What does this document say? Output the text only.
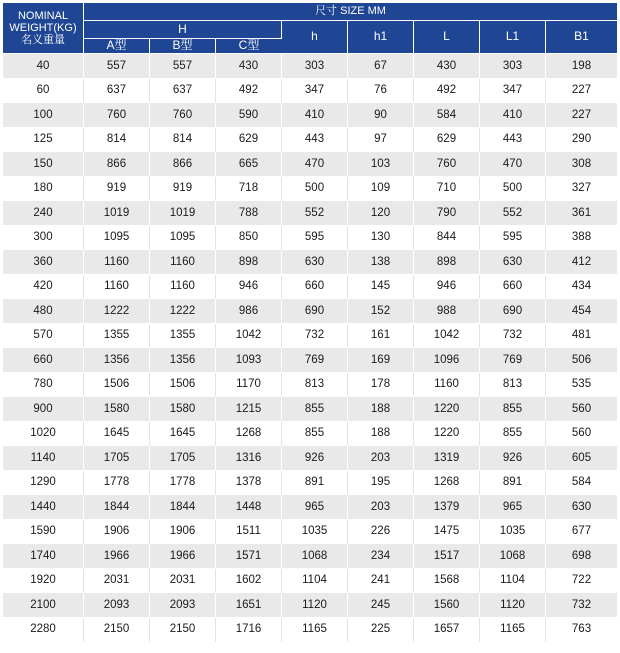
NOMINAL
WEIGHT(KG)
名义重量	尺寸 SIZE MM							
	H			h	h1	L	L1	B1
	A型	B型	C型					
40	557	557	430	303	67	430	303	198
60	637	637	492	347	76	492	347	227
100	760	760	590	410	90	584	410	227
125	814	814	629	443	97	629	443	290
150	866	866	665	470	103	760	470	308
180	919	919	718	500	109	710	500	327
240	1019	1019	788	552	120	790	552	361
300	1095	1095	850	595	130	844	595	388
360	1160	1160	898	630	138	898	630	412
420	1160	1160	946	660	145	946	660	434
480	1222	1222	986	690	152	988	690	454
570	1355	1355	1042	732	161	1042	732	481
660	1356	1356	1093	769	169	1096	769	506
780	1506	1506	1170	813	178	1160	813	535
900	1580	1580	1215	855	188	1220	855	560
1020	1645	1645	1268	855	188	1220	855	560
1140	1705	1705	1316	926	203	1319	926	605
1290	1778	1778	1378	891	195	1268	891	584
1440	1844	1844	1448	965	203	1379	965	630
1590	1906	1906	1511	1035	226	1475	1035	677
1740	1966	1966	1571	1068	234	1517	1068	698
1920	2031	2031	1602	1104	241	1568	1104	722
2100	2093	2093	1651	1120	245	1560	1120	732
2280	2150	2150	1716	1165	225	1657	1165	763
